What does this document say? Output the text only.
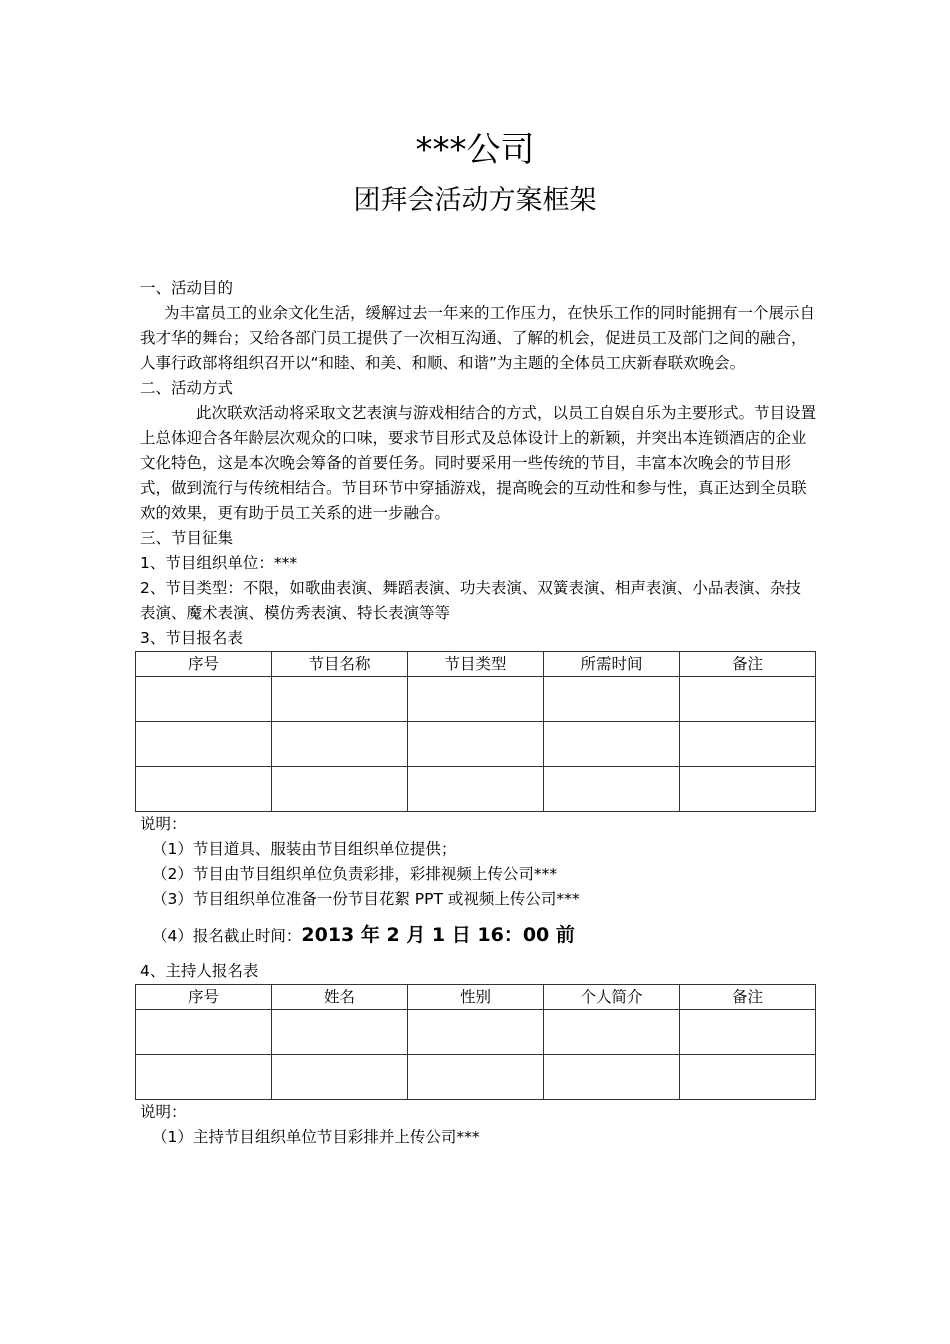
***公司
团拜会活动方案框架

一、活动目的

为丰富员工的业余文化生活，缓解过去一年来的工作压力，在快乐工作的同时能拥有一个展示自我才华的舞台；又给各部门员工提供了一次相互沟通、了解的机会，促进员工及部门之间的融合，人事行政部将组织召开以“和睦、和美、和顺、和谐”为主题的全体员工庆新春联欢晚会。

二、活动方式

此次联欢活动将采取文艺表演与游戏相结合的方式，以员工自娱自乐为主要形式。节目设置上总体迎合各年龄层次观众的口味，要求节目形式及总体设计上的新颖，并突出本连锁酒店的企业文化特色，这是本次晚会筹备的首要任务。同时要采用一些传统的节目，丰富本次晚会的节目形式，做到流行与传统相结合。节目环节中穿插游戏，提高晚会的互动性和参与性，真正达到全员联欢的效果，更有助于员工关系的进一步融合。

三、节目征集

1、节目组织单位：***

2、节目类型：不限，如歌曲表演、舞蹈表演、功夫表演、双簧表演、相声表演、小品表演、杂技表演、魔术表演、模仿秀表演、特长表演等等

3、节目报名表

序号	节目名称	节目类型	所需时间	备注

说明：

（1）节目道具、服装由节目组织单位提供；

（2）节目由节目组织单位负责彩排，彩排视频上传公司***

（3）节目组织单位准备一份节目花絮 PPT 或视频上传公司***

（4）报名截止时间：2013 年 2 月 1 日 16：00 前

4、主持人报名表

序号	姓名	性别	个人简介	备注

说明：

（1）主持节目组织单位节目彩排并上传公司***
